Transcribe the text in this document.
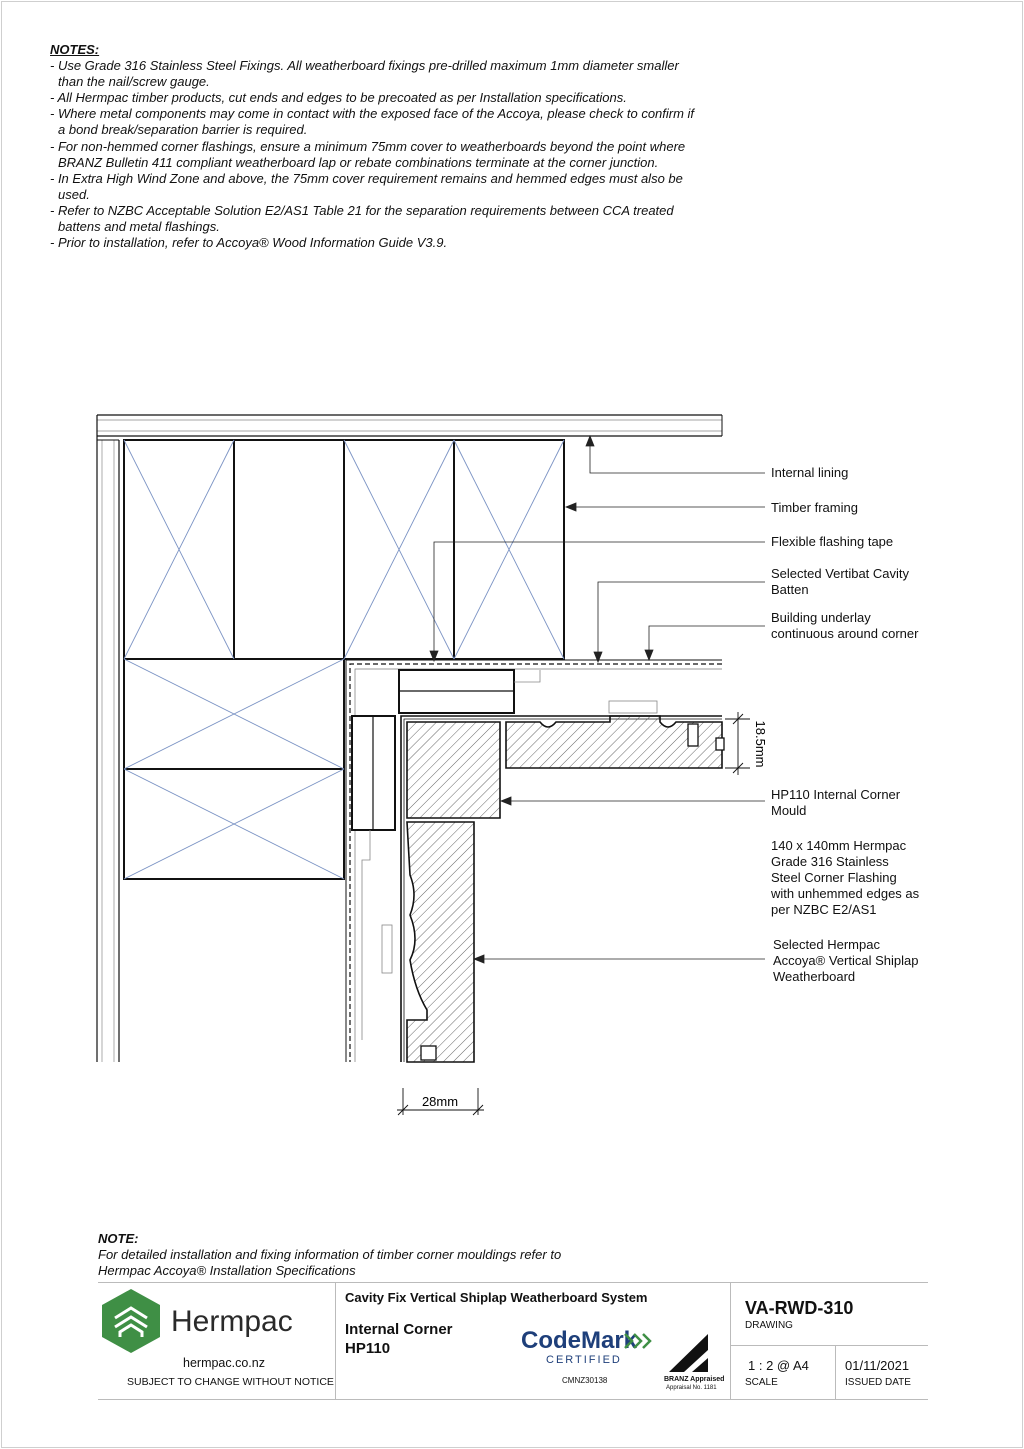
NOTES:
- Use Grade 316 Stainless Steel Fixings. All weatherboard fixings pre-drilled maximum 1mm diameter smaller than the nail/screw gauge.
- All Hermpac timber products, cut ends and edges to be precoated as per Installation specifications.
- Where metal components may come in contact with the exposed face of the Accoya, please check to confirm if a bond break/separation barrier is required.
- For non-hemmed corner flashings, ensure a minimum 75mm cover to weatherboards beyond the point where BRANZ Bulletin 411 compliant weatherboard lap or rebate combinations terminate at the corner junction.
- In Extra High Wind Zone and above, the 75mm cover requirement remains and hemmed edges must also be used.
- Refer to NZBC Acceptable Solution E2/AS1 Table 21 for the separation requirements between CCA treated battens and metal flashings.
- Prior to installation, refer to Accoya® Wood Information Guide V3.9.
18.5mm
28mm
Internal lining
Timber framing
Flexible flashing tape
Selected Vertibat Cavity
Batten
Building underlay
continuous around corner
HP110 Internal Corner
Mould
140 x 140mm Hermpac
Grade 316 Stainless
Steel Corner Flashing
with unhemmed edges as
per NZBC E2/AS1
Selected Hermpac
Accoya® Vertical Shiplap
Weatherboard
NOTE:
For detailed installation and fixing information of timber corner mouldings refer to
Hermpac Accoya® Installation Specifications
Hermpac
hermpac.co.nz
SUBJECT TO CHANGE WITHOUT NOTICE
Cavity Fix Vertical Shiplap Weatherboard System
Internal Corner
HP110	CodeMark
CERTIFIED
CMNZ30138	BRANZ Appraised
Appraisal No. 1181
VA-RWD-310
DRAWING
1 : 2 @ A4
SCALE
01/11/2021
ISSUED DATE
